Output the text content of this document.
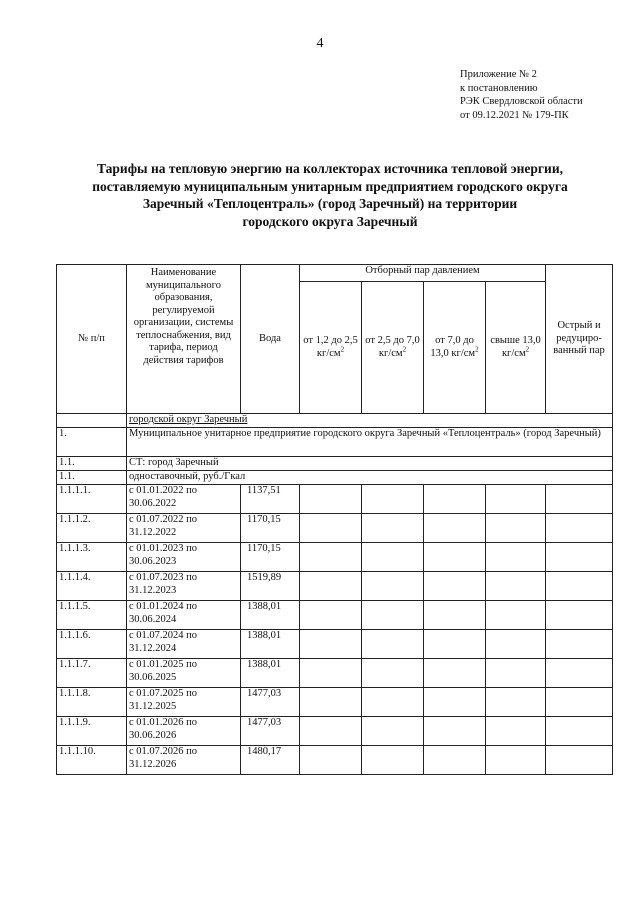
4
Приложение № 2
к постановлению
РЭК Свердловской области
от 09.12.2021 № 179-ПК
Тарифы на тепловую энергию на коллекторах источника тепловой энергии,
поставляемую муниципальным унитарным предприятием городского округа
Заречный «Теплоцентраль» (город Заречный) на территории
городского округа Заречный
№ п/п	Наименование муниципального образования, регулируемой организации, системы теплоснабжения, вид тарифа, период действия тарифов	Вода	Отборный пар давлением				Острый и редуциро-ванный пар
			от 1,2 до 2,5 $кг/см^2$	от 2,5 до 7,0 $кг/см^2$	от 7,0 до 13,0 $кг/см^2$	свыше 13,0 $кг/см^2$
	городской округ Заречный						
1.	Муниципальное унитарное предприятие городского округа Заречный «Теплоцентраль» (город Заречный)						
1.1.	СТ: город Заречный						
1.1.	одноставочный, руб./Гкал						
1.1.1.1.	с 01.01.2022 по 30.06.2022	1137,51					
1.1.1.2.	с 01.07.2022 по 31.12.2022	1170,15					
1.1.1.3.	с 01.01.2023 по 30.06.2023	1170,15					
1.1.1.4.	с 01.07.2023 по 31.12.2023	1519,89					
1.1.1.5.	с 01.01.2024 по 30.06.2024	1388,01					
1.1.1.6.	с 01.07.2024 по 31.12.2024	1388,01					
1.1.1.7.	с 01.01.2025 по 30.06.2025	1388,01					
1.1.1.8.	с 01.07.2025 по 31.12.2025	1477,03					
1.1.1.9.	с 01.01.2026 по 30.06.2026	1477,03					
1.1.1.10.	с 01.07.2026 по 31.12.2026	1480,17					
